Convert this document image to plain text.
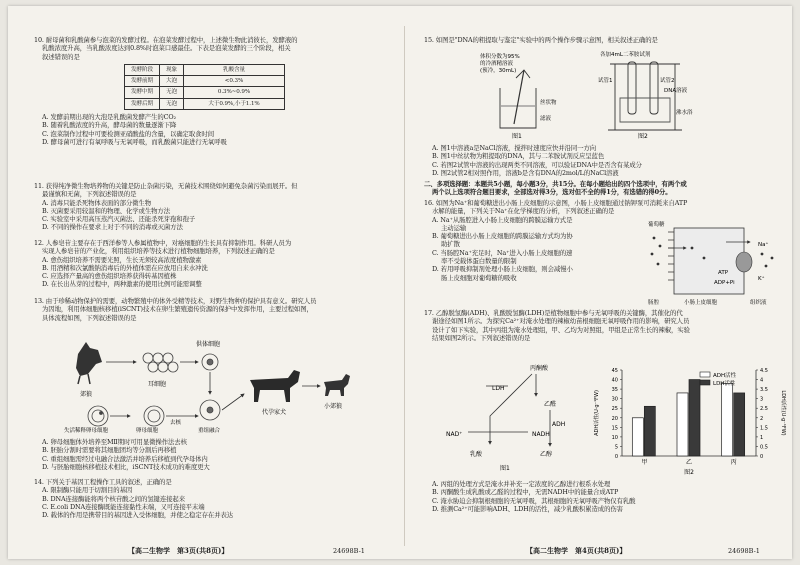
10. 耐母菌和乳酸菌参与泡菜的发酵过程。在泡菜发酵过程中，上述微生物此消彼长，发酵液的

乳酸浓度升高，当乳酸浓度达到0.8%时泡菜口感最佳。下表是泡菜发酵的三个阶段，相关

叙述错误的是

发酵阶段	现象	乳酸含量
发酵前期	大泡	<0.3%
发酵中期	无泡	0.3%~0.9%
发酵后期	无泡	大于0.9%,小于1.1%

A. 发酵前期出现的大泡是乳酸菌发酵产生的CO₂

B. 随着乳酸浓度的升高，酵母菌的数量逐渐下降

C. 泡菜制作过程中可要检测亚硝酸盐的含量，以确定取食时间

D. 酵母菌可进行有氧呼吸与无氧呼吸，而乳酸菌只能进行无氧呼吸

11. 获得纯净微生物培养物的关键是防止杂菌污染，无菌技术围绕如何避免杂菌污染而展开。但

最谨慎和无菌，下列叙述错误的是

A. 消毒只能杀死物体表面的部分微生物

B. 灭菌要采用较温和的物理、化学或生物方法

C. 实验室中采用高压蒸汽灭菌法、还能杀死芽孢和孢子

D. 不同的操作在要求上对于不同的消毒或灭菌方法

12. 人参皂苷主要存在于西洋参等人参属植物中，对癌细胞的生长具有抑制作用。科研人员为

实现人参皂苷的产业化，利用组织培养等技术进行植物细胞培养，下列叙述正确的是

A. 愈伤组织培养不需要光照，生长无须较高浓度植物激素

B. 用酒精和次氯酸钠消毒后的外植体需在应放用自来水冲洗

C. 应选择产量高的愈伤组织培养获得转基因植株

D. 在长出丛芽的过程中，两种激素的使用比例可能需调整

13. 由于珍稀动物保护的需要，动物繁殖中的体外受精等技术，对野生物种的保护具有意义。研究人员

为因地，利用体细胞核移植(iSCNT)技术在卵生繁殖遗传资源的保护中发挥作用，主要过程如图，

具体流程如图，下列叙述错误的是

郊狼
耳细胞
供体细胞
失活稀释卵母细胞	卵母细胞
去核
重组融合
代孕家犬
小郊狼

A. 卵母细胞体外培养至MⅡ期时可用显微操作法去核

B. 胚胎分割时需要将其细胞团均等分割后再移植

C. 重组细胞需经过电融合法激活并培养后移植到代孕母体内

D. 与胚胎细胞核移植技术相比，iSCNT技术成功的难度更大

14. 下列关于基因工程操作工具的叙述，正确的是

A. 限制酶只能用于切割目的基因

B. DNA连接酶能将两个核苷酸之间的氢键连接起来

C. E.coli DNA连接酶既能连接黏性末端，又可连接平末端

D. 载体的作用是携带目的基因进入受体细胞，并使之稳定存在并表达

【高二生物学　第3页(共8页)】	24698B-1

15. 如图是"DNA的粗提取与鉴定"实验中的两个操作步骤示意图，相关叙述正确的是

体积分数为95%
的冷酒精溶液
(预冷，30mL)
丝状物
滤液
图1
各加4mL二苯胺试剂
试管1	试管2
DNA溶液
沸水浴
图2

A. 图1中溶液a是NaCl溶液，搅拌时速度应快并沿同一方向

B. 图1中丝状物为粗提取的DNA，其与二苯胺试剂反应呈蓝色

C. 若图2试管中溶液的出现两类不同溶液，可以验证DNA中是否含有某成分

D. 图2试管2相对照作用，溶液b是含有DNA的2mol/L的NaCl溶液

二、多项选择题：本题共5小题，每小题3分，共15分。在每小题给出的四个选项中，有两个或

两个以上选项符合题目要求，全部选对得3分，选对但不全的得1分，有选错的得0分。

16. 如图为Na⁺和葡萄糖进出小肠上皮细胞的示意图，小肠上皮细胞通过钠钾泵可消耗来自ATP

水解的能量，下列关于Na⁺在化学梯度的分析，下列叙述正确的是

A. Na⁺从肠腔进入小肠上皮细胞的跨膜运输方式是

主动运输

B. 葡萄糖进出小肠上皮细胞的跨膜运输方式均为协

助扩散

C. 当肠腔Na⁺充足时，Na⁺进入小肠上皮细胞的速

率不受载体蛋白数量的限制

D. 若用呼吸抑制剂处理小肠上皮细胞，则会减慢小

肠上皮细胞对葡萄糖的吸收

肠腔	小肠上皮细胞	组织液
ATP
ADP+Pi
Na⁺
K⁺
葡萄糖

17. 乙醇脱氢酶(ADH)、乳酸脱氢酶(LDH)是植物细胞中参与无氧呼吸的关键酶，其催化的代

谢途径如图1所示。为探究Ca²⁺对淹水处理的辣椒幼苗根细胞无氧呼吸作用的影响，研究人员

设计了如下实验，其中丙组为淹水处理组，甲、乙均为对照组，甲组是正常生长的辣椒，实验

结果如图2所示。下列叙述错误的是

丙酮酸
LDH
ADH
乙醛
乳酸	乙醇
NAD⁺	NADH
图1
0	0
5	0.5
10	1
15	1.5
20	2
25	2.5
30	3
35	3.5
40	4
45	4.5
甲	乙	丙
ADH活性(U·g⁻¹FW)	LDH活性(U·g⁻¹FW)
ADH活性
LDH活性
图2

A. 丙组的处理方式是淹水并补充一定浓度的乙醇进行根系水处理

B. 丙酮酸生成乳酸或乙醛的过程中，无需NADH中的能量合成ATP

C. 淹水胁迫会抑制根细胞的无氧呼吸，其根细胞的无氧呼吸产物仅有乳酸

D. 推测Ca²⁺可能影响ADH、LDH的活性，减少乳酸积累造成的伤害

【高二生物学　第4页(共8页)】	24698B-1
